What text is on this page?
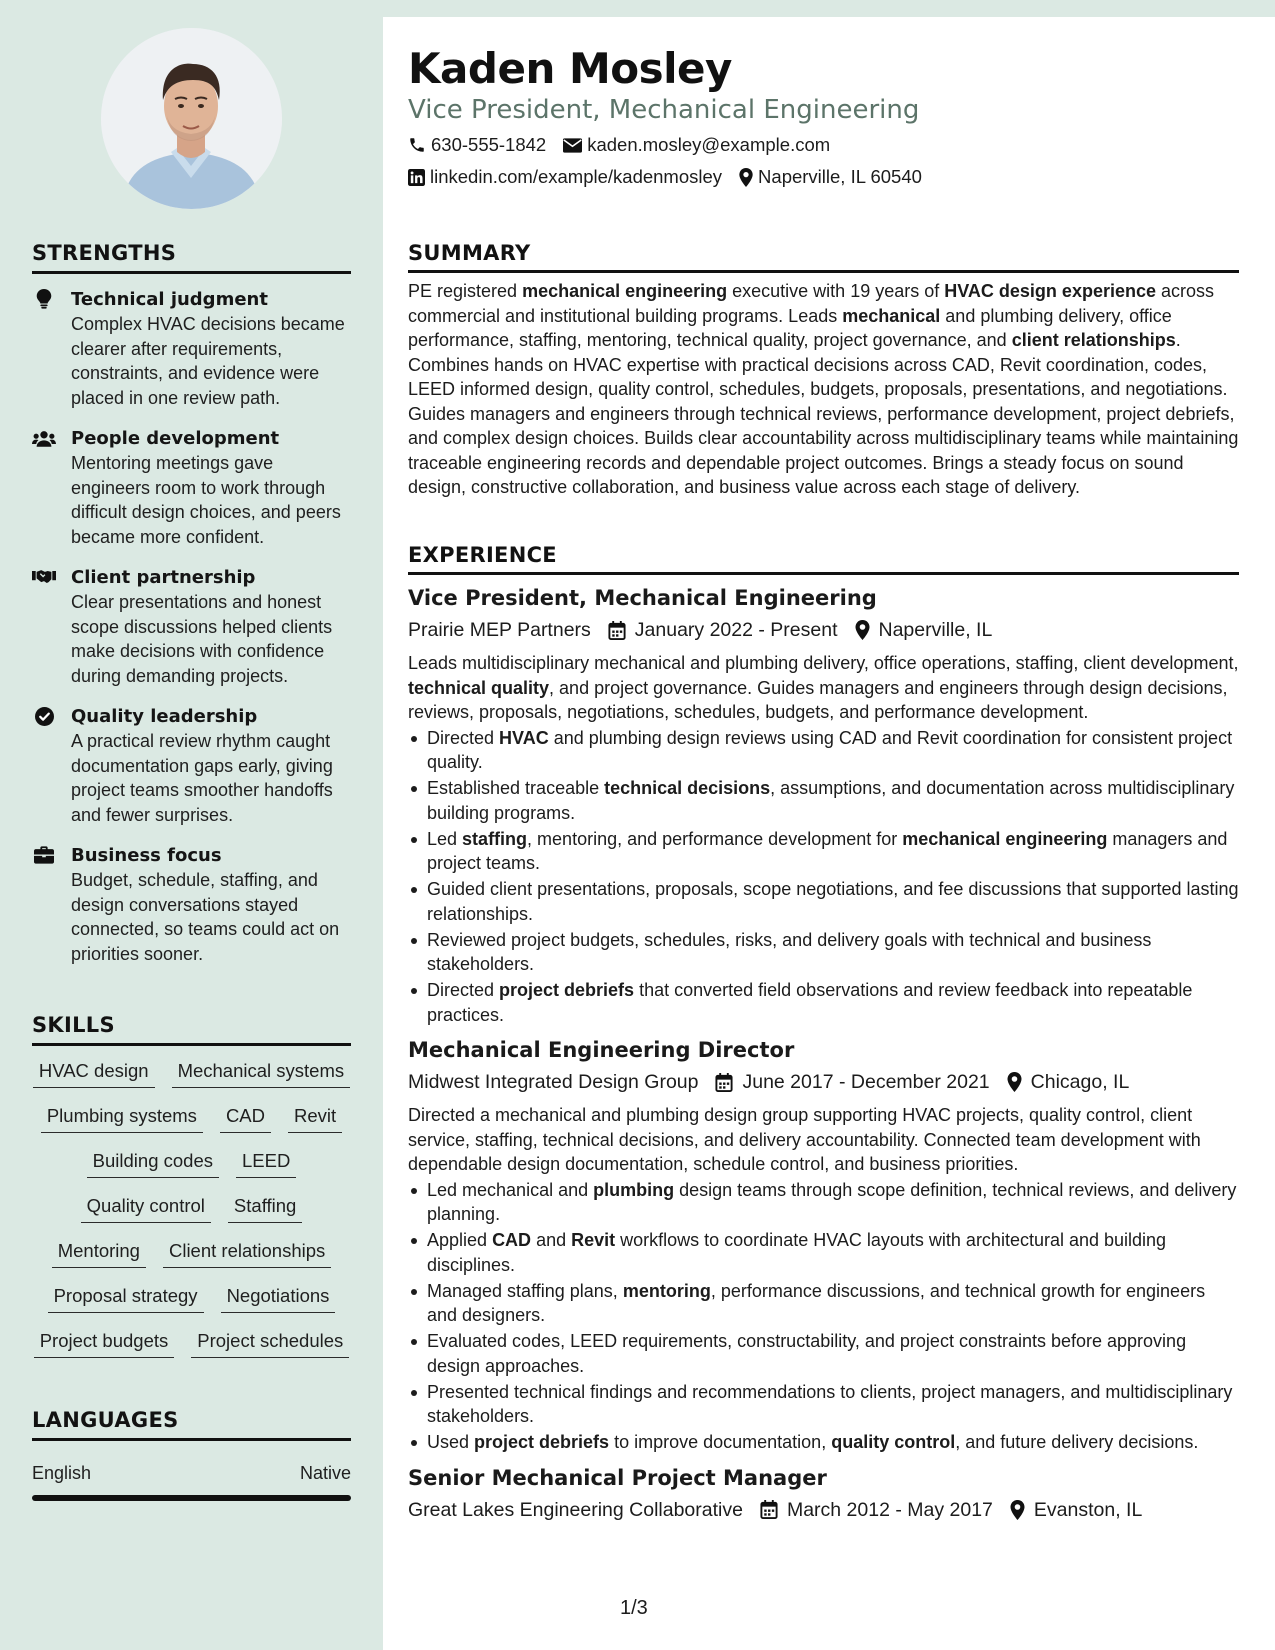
Kaden Mosley
Vice President, Mechanical Engineering
630-555-1842 kaden.mosley@example.com
linkedin.com/example/kadenmosley Naperville, IL 60540
STRENGTHS
Technical judgment
Complex HVAC decisions became clearer after requirements, constraints, and evidence were placed in one review path.
People development
Mentoring meetings gave engineers room to work through difficult design choices, and peers became more confident.
Client partnership
Clear presentations and honest scope discussions helped clients make decisions with confidence during demanding projects.
Quality leadership
A practical review rhythm caught documentation gaps early, giving project teams smoother handoffs and fewer surprises.
Business focus
Budget, schedule, staffing, and design conversations stayed connected, so teams could act on priorities sooner.
SKILLS
HVAC design	Mechanical systems
Plumbing systems	CAD	Revit
Building codes	LEED
Quality control	Staffing
Mentoring	Client relationships
Proposal strategy	Negotiations
Project budgets	Project schedules
LANGUAGES
English	Native
SUMMARY
PE registered mechanical engineering executive with 19 years of HVAC design experience across commercial and institutional building programs. Leads mechanical and plumbing delivery, office performance, staffing, mentoring, technical quality, project governance, and client relationships. Combines hands on HVAC expertise with practical decisions across CAD, Revit coordination, codes, LEED informed design, quality control, schedules, budgets, proposals, presentations, and negotiations. Guides managers and engineers through technical reviews, performance development, project debriefs, and complex design choices. Builds clear accountability across multidisciplinary teams while maintaining traceable engineering records and dependable project outcomes. Brings a steady focus on sound design, constructive collaboration, and business value across each stage of delivery.
EXPERIENCE
Vice President, Mechanical Engineering
Prairie MEP Partners January 2022 - Present Naperville, IL
Leads multidisciplinary mechanical and plumbing delivery, office operations, staffing, client development, technical quality, and project governance. Guides managers and engineers through design decisions, reviews, proposals, negotiations, schedules, budgets, and performance development.
Directed HVAC and plumbing design reviews using CAD and Revit coordination for consistent project quality.
Established traceable technical decisions, assumptions, and documentation across multidisciplinary building programs.
Led staffing, mentoring, and performance development for mechanical engineering managers and project teams.
Guided client presentations, proposals, scope negotiations, and fee discussions that supported lasting relationships.
Reviewed project budgets, schedules, risks, and delivery goals with technical and business stakeholders.
Directed project debriefs that converted field observations and review feedback into repeatable practices.
Mechanical Engineering Director
Midwest Integrated Design Group June 2017 - December 2021 Chicago, IL
Directed a mechanical and plumbing design group supporting HVAC projects, quality control, client service, staffing, technical decisions, and delivery accountability. Connected team development with dependable design documentation, schedule control, and business priorities.
Led mechanical and plumbing design teams through scope definition, technical reviews, and delivery planning.
Applied CAD and Revit workflows to coordinate HVAC layouts with architectural and building disciplines.
Managed staffing plans, mentoring, performance discussions, and technical growth for engineers and designers.
Evaluated codes, LEED requirements, constructability, and project constraints before approving design approaches.
Presented technical findings and recommendations to clients, project managers, and multidisciplinary stakeholders.
Used project debriefs to improve documentation, quality control, and future delivery decisions.
Senior Mechanical Project Manager
Great Lakes Engineering Collaborative March 2012 - May 2017 Evanston, IL
1/3
